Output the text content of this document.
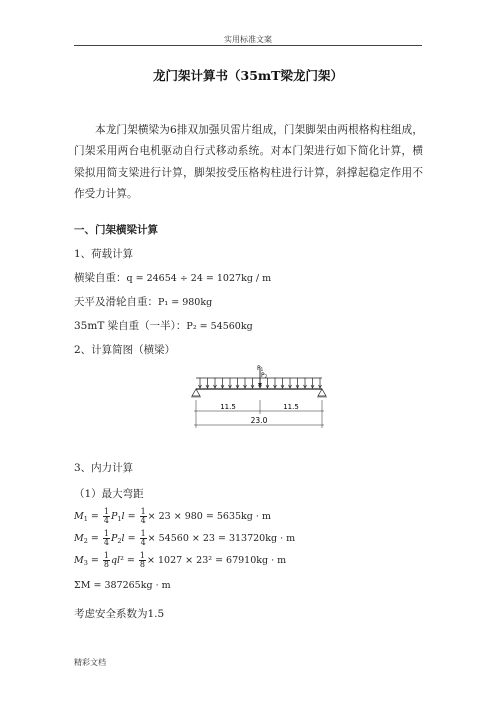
实用标准文案
龙门架计算书（35mT梁龙门架）
本龙门架横梁为6排双加强贝雷片组成，门架脚架由两根格构柱组成，门架采用两台电机驱动自行式移动系统。对本门架进行如下简化计算，横梁拟用简支梁进行计算，脚架按受压格构柱进行计算，斜撑起稳定作用不作受力计算。
一、门架横梁计算
1、荷载计算
横梁自重：q = 24654 ÷ 24 = 1027kg / m
天平及滑轮自重：P₁ = 980kg
35mT 梁自重（一半）：P₂ = 54560kg
2、计算简图（横梁）
P1
P2
11.5	11.5
23.0
3、内力计算
（1）最大弯距
$M_1 = \frac{1}{4} P_1l = \frac{1}{4} \times 23 \times 980 = 5635kg \cdot m$
$M_2 = \frac{1}{4} P_2l = \frac{1}{4} \times 54560 \times 23 = 313720kg \cdot m$
$M_3 = \frac{1}{8} ql^2 = \frac{1}{8} \times 1027 \times 23^2 = 67910kg \cdot m$
ΣM = 387265kg · m
考虑安全系数为1.5
精彩文档
